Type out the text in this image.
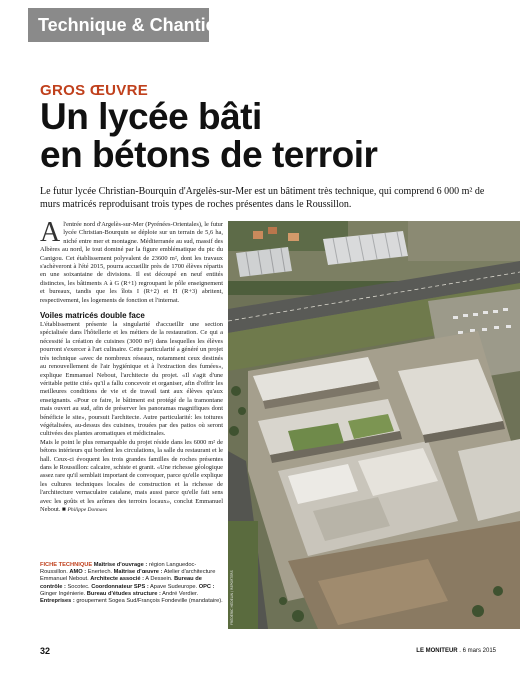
Technique & Chantier
GROS ŒUVRE
Un lycée bâti
en bétons de terroir
Le futur lycée Christian-Bourquin d'Argelès-sur-Mer est un bâtiment très technique, qui comprend 6 000 m² de murs matricés reproduisant trois types de roches présentes dans le Roussillon.

Al'entrée nord d'Argelès-sur-Mer (Pyrénées-Orientales), le futur lycée Christian-Bourquin se déploie sur un terrain de 5,6 ha, niché entre mer et montagne. Méditerranée au sud, massif des Albères au nord, le tout dominé par la figure emblématique du pic du Canigou. Cet établissement polyvalent de 23600 m², dont les travaux s'achèveront à l'été 2015, pourra accueillir près de 1700 élèves répartis en une soixantaine de divisions. Il est découpé en neuf entités distinctes, les bâtiments A à G (R+1) regroupant le pôle enseignement et bureaux, tandis que les îlots I (R+2) et H (R+3) abritent, respectivement, les logements de fonction et l'internat.

Voiles matricés double face

L'établissement présente la singularité d'accueillir une section spécialisée dans l'hôtellerie et les métiers de la restauration. Ce qui a nécessité la création de cuisines (3000 m²) dans lesquelles les élèves pourront s'exercer à l'art culinaire. Cette particularité a généré un projet très technique «avec de nombreux réseaux, notamment ceux destinés au renouvellement de l'air hygiénique et à l'extraction des fumées», explique Emmanuel Nebout, l'architecte du projet. «Il s'agit d'une véritable petite cité» qu'il a fallu concevoir et organiser, afin d'offrir les meilleures conditions de vie et de travail tant aux élèves qu'aux enseignants. «Pour ce faire, le bâtiment est protégé de la tramontane mais ouvert au sud, afin de préserver les panoramas magnifiques dont bénéficie le site», poursuit l'architecte. Autre particularité: les toitures végétalisées, au-dessus des cuisines, trouées par des patios où seront cultivées des plantes aromatiques et médicinales.

Mais le point le plus remarquable du projet réside dans les 6000 m² de bétons intérieurs qui bordent les circulations, la salle du restaurant et le hall. Ceux-ci évoquent les trois grandes familles de roches présentes dans le Roussillon: calcaire, schiste et granit. «Une richesse géologique assez rare qu'il semblait important de convoquer, parce qu'elle explique les cultures techniques locales de construction et la richesse de l'architecture vernaculaire catalane, mais aussi parce qu'elle fait sens avec les goûts et les arômes des terroirs locaux», conclut Emmanuel Nebout. ■ Philippe Donnaes

FICHE TECHNIQUE Maîtrise d'ouvrage : région Languedoc-Roussillon. AMO : Enertech. Maîtrise d'œuvre : Atelier d'architecture Emmanuel Nebout. Architecte associé : A Dessein. Bureau de contrôle : Socotec. Coordonnateur SPS : Apave Sudeurope. OPC : Ginger Ingénierie. Bureau d'études structure : André Verdier. Entreprises : groupement Sogea Sud/François Fondeville (mandataire). FRÉDÉRIC HÉDELIN / REPORTERS
32	LE MONITEUR . 6 mars 2015
